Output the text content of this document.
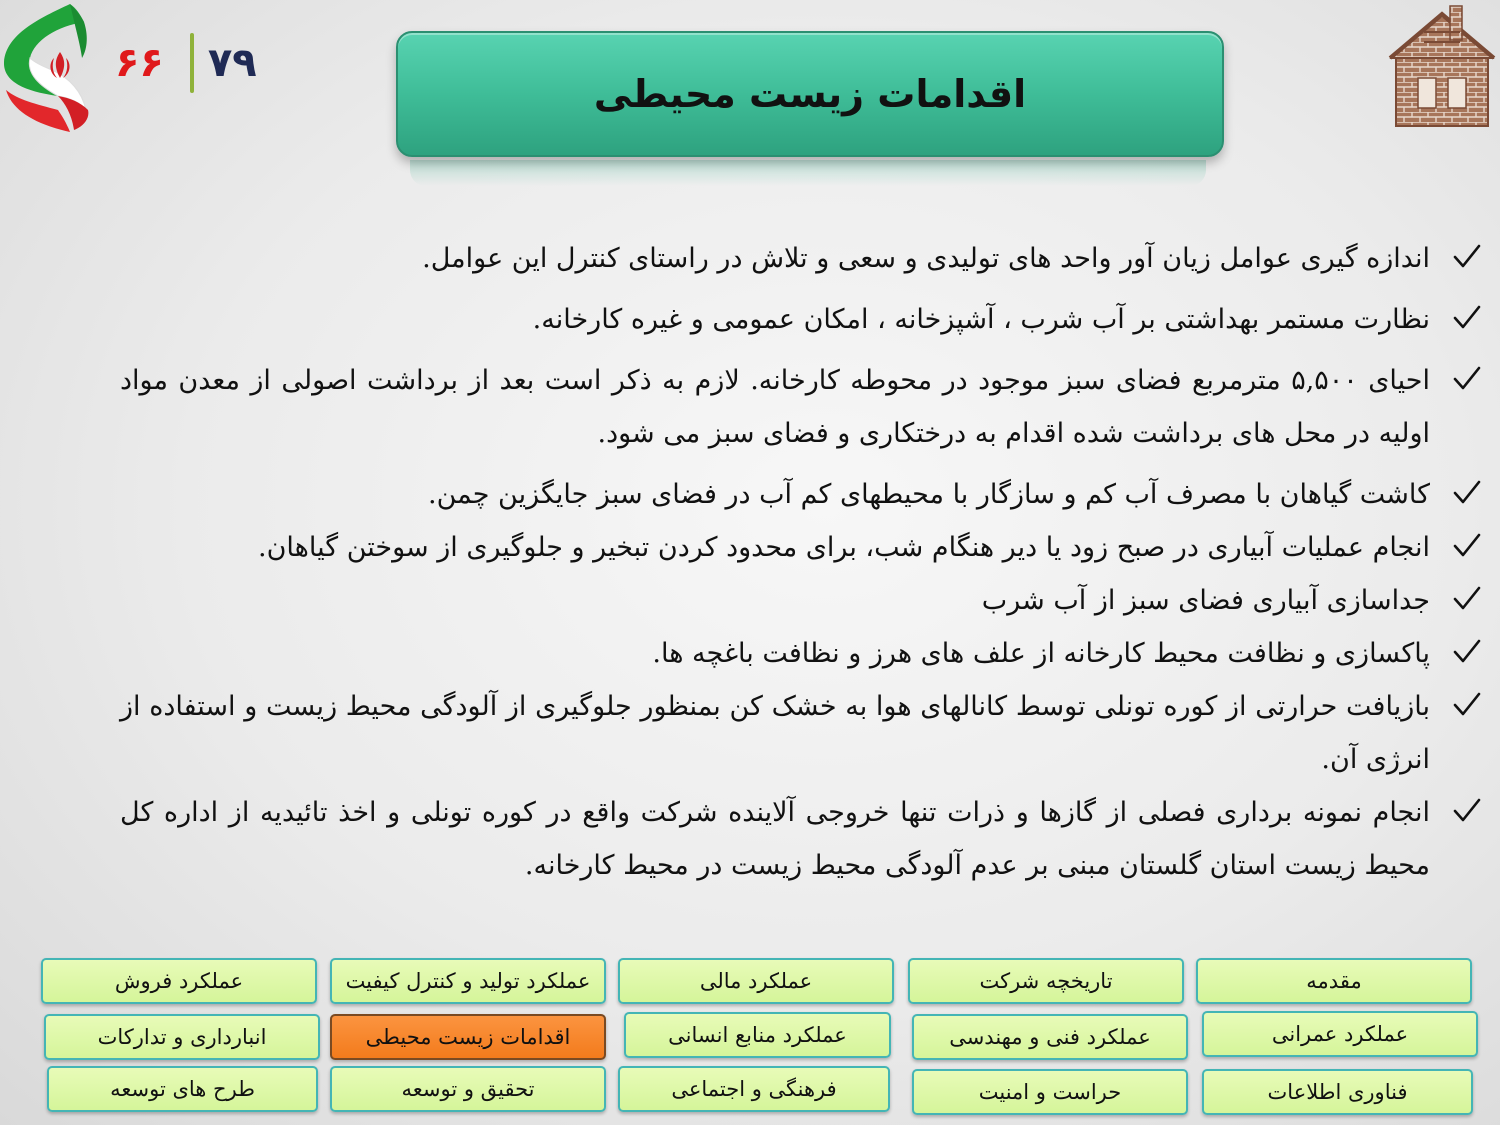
۶۶ ۷۹
اقدامات زیست محیطی
اندازه گیری عوامل زیان آور واحد های تولیدی و سعی و تلاش در راستای کنترل این عوامل.
نظارت مستمر بهداشتی بر آب شرب ، آشپزخانه ، امکان عمومی و غیره کارخانه.
احیای ۵,۵۰۰ مترمربع فضای سبز موجود در محوطه کارخانه. لازم به ذکر است بعد از برداشت اصولی از معدن مواد اولیه در محل های برداشت شده اقدام به درختکاری و فضای سبز می شود.
کاشت گیاهان با مصرف آب کم و سازگار با محیطهای کم آب در فضای سبز جایگزین چمن.
انجام عملیات آبیاری در صبح زود یا دیر هنگام شب، برای محدود کردن تبخیر و جلوگیری از سوختن گیاهان.
جداسازی آبیاری فضای سبز از آب شرب
پاکسازی و نظافت محیط کارخانه از علف های هرز و نظافت باغچه ها.
بازیافت حرارتی از کوره تونلی توسط کانالهای هوا به خشک کن بمنظور جلوگیری از آلودگی محیط زیست و استفاده از انرژی آن.
انجام نمونه برداری فصلی از گازها و ذرات تنها خروجی آلاینده شرکت واقع در کوره تونلی و اخذ تائیدیه از اداره کل محیط زیست استان گلستان مبنی بر عدم آلودگی محیط زیست در محیط کارخانه.
مقدمه
تاریخچه شرکت
عملکرد مالی
عملکرد تولید و کنترل کیفیت
عملکرد فروش
عملکرد عمرانی
عملکرد فنی و مهندسی
عملکرد منابع انسانی
اقدامات زیست محیطی
انبارداری و تدارکات
فناوری اطلاعات
حراست و امنیت
فرهنگی و اجتماعی
تحقیق و توسعه
طرح های توسعه
